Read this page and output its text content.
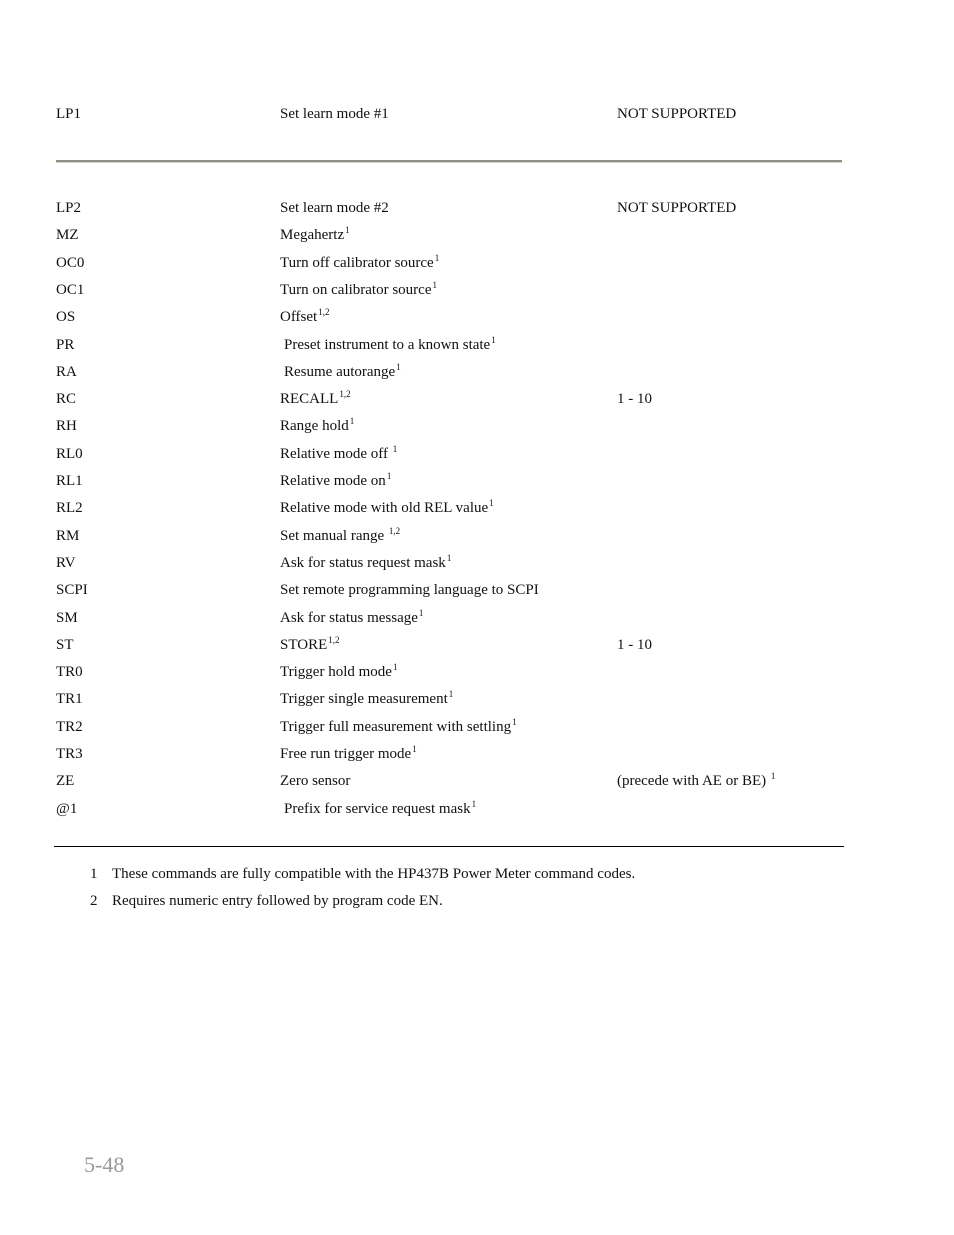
LP1	Set learn mode #1	NOT SUPPORTED
LP2	Set learn mode #2	NOT SUPPORTED
MZ	Megahertz$^1$
OC0	Turn off calibrator source$^1$
OC1	Turn on calibrator source$^1$
OS	Offset$^{1,2}$
PR	Preset instrument to a known state$^1$
RA	Resume autorange$^1$
RC	RECALL$^{1,2}$	1 - 10
RH	Range hold$^1$
RL0	Relative mode off $^1$
RL1	Relative mode $on^1$
RL2	Relative mode with old REL value$^1$
RM	Set manual range $^{1,2}$
RV	Ask for status request mask$^1$
SCPI	Set remote programming language to SCPI
SM	Ask for status message$^1$
ST	STORE$^{1,2}$	1 - 10
TR0	Trigger hold mode$^1$
TR1	Trigger single measurement$^1$
TR2	Trigger full measurement with settling$^1$
TR3	Free run trigger mode$^1$
ZE	Zero sensor	(precede with AE or BE) $^1$
@1	Prefix for service request mask$^1$
1 These commands are fully compatible with the HP437B Power Meter command codes.
2 Requires numeric entry followed by program code EN.
5-48
